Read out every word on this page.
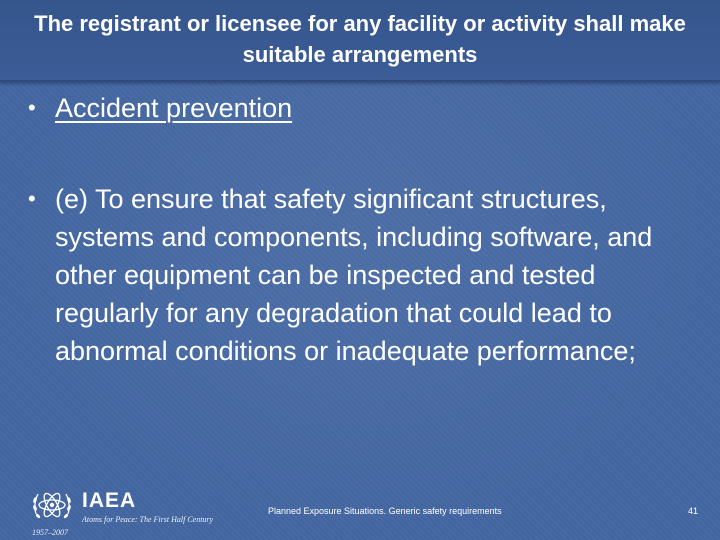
The registrant or licensee for any facility or activity shall make suitable arrangements
• Accident prevention
• (e) To ensure that safety significant structures, systems and components, including software, and other equipment can be inspected and tested regularly for any degradation that could lead to abnormal conditions or inadequate performance;
IAEA
Atoms for Peace: The First Half Century
1957–2007
Planned Exposure Situations. Generic safety requirements	41
